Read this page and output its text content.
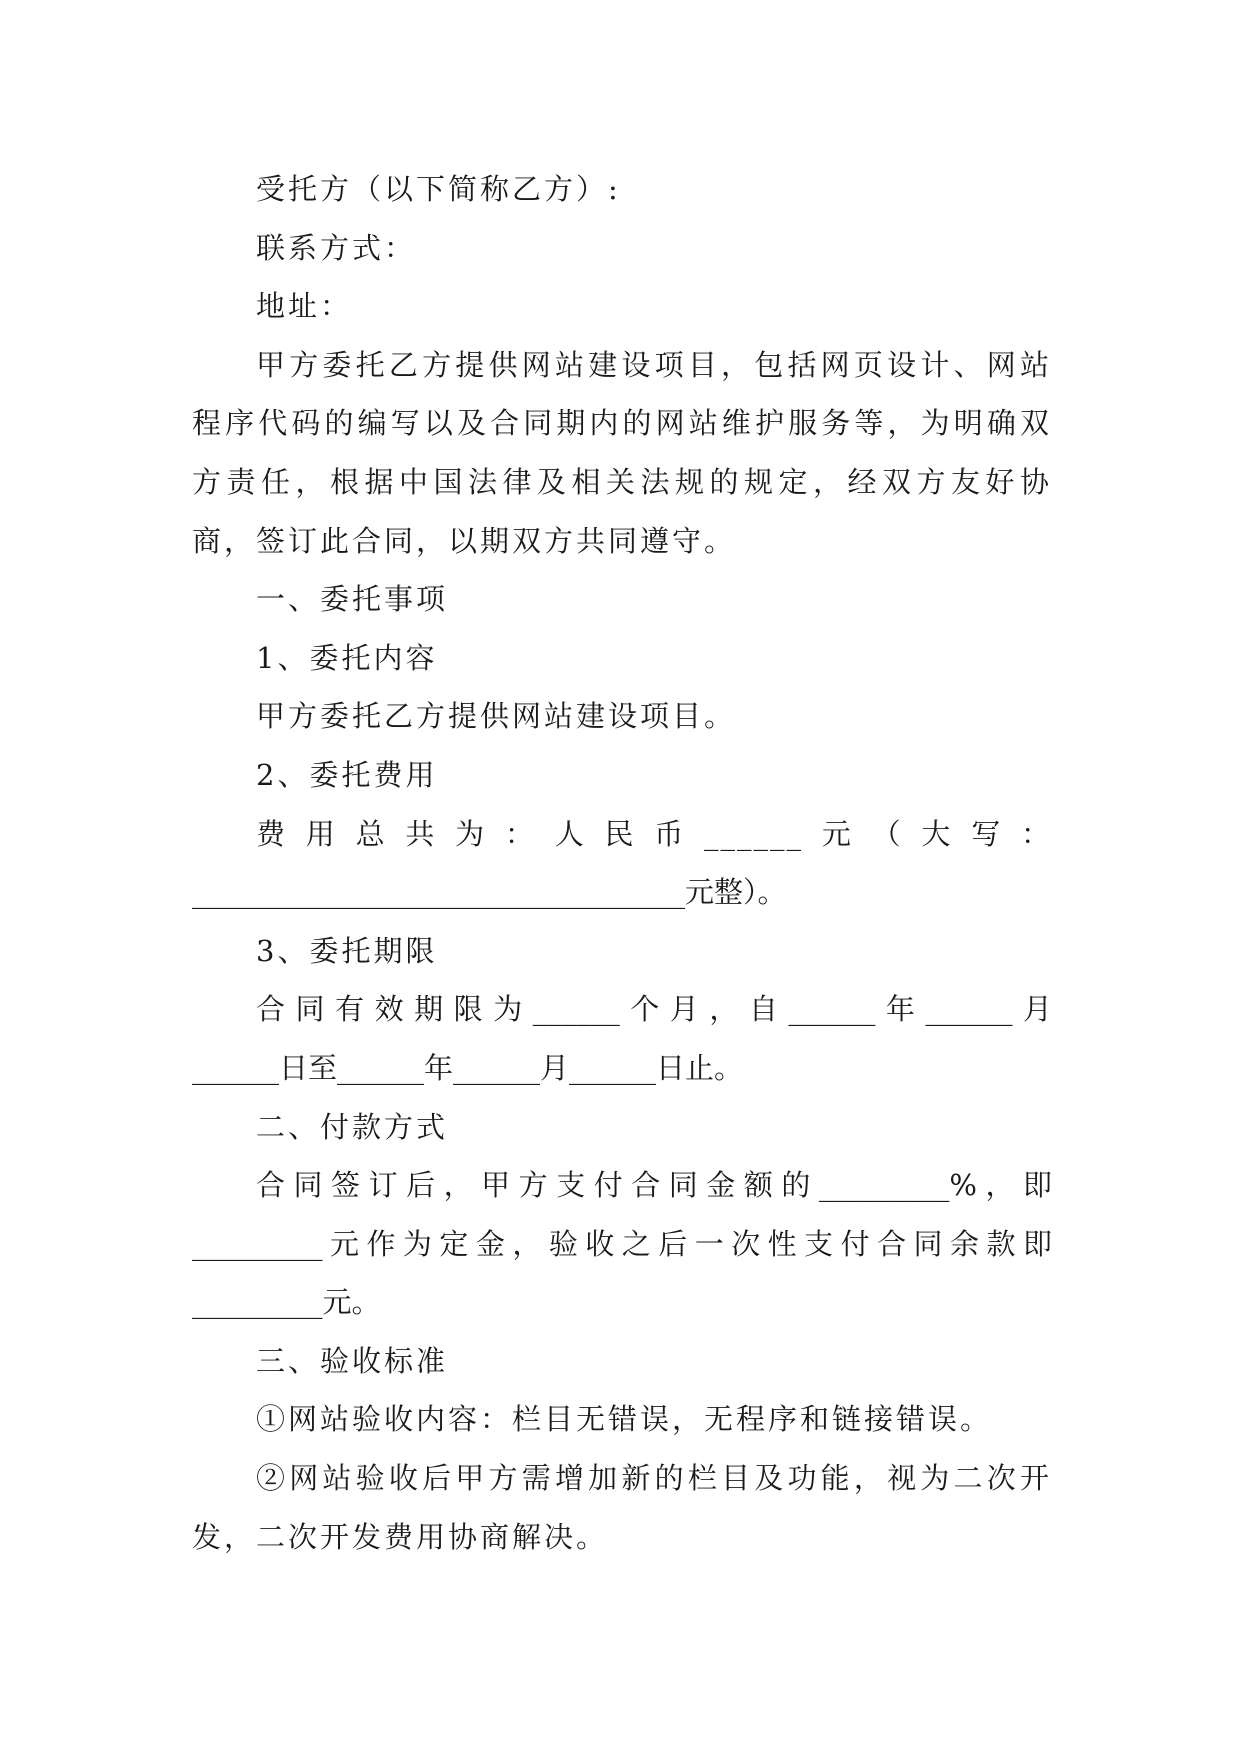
受托方（以下简称乙方）:

联系方式：

地址：

甲方委托乙方提供网站建设项目，包括网页设计、网站程序代码的编写以及合同期内的网站维护服务等，为明确双方责任，根据中国法律及相关法规的规定，经双方友好协商，签订此合同，以期双方共同遵守。

一、委托事项

1、委托内容

甲方委托乙方提供网站建设项目。

2、委托费用

费用总共为：人民币______元（大写：

__________________________________元整）。

3、委托期限

合同有效期限为______个月，自______年______月

______日至______年______月______日止。

二、付款方式

合同签订后，甲方支付合同金额的_________%，即

_________元作为定金，验收之后一次性支付合同余款即

_________元。

三、验收标准

①网站验收内容：栏目无错误，无程序和链接错误。

②网站验收后甲方需增加新的栏目及功能，视为二次开发，二次开发费用协商解决。
